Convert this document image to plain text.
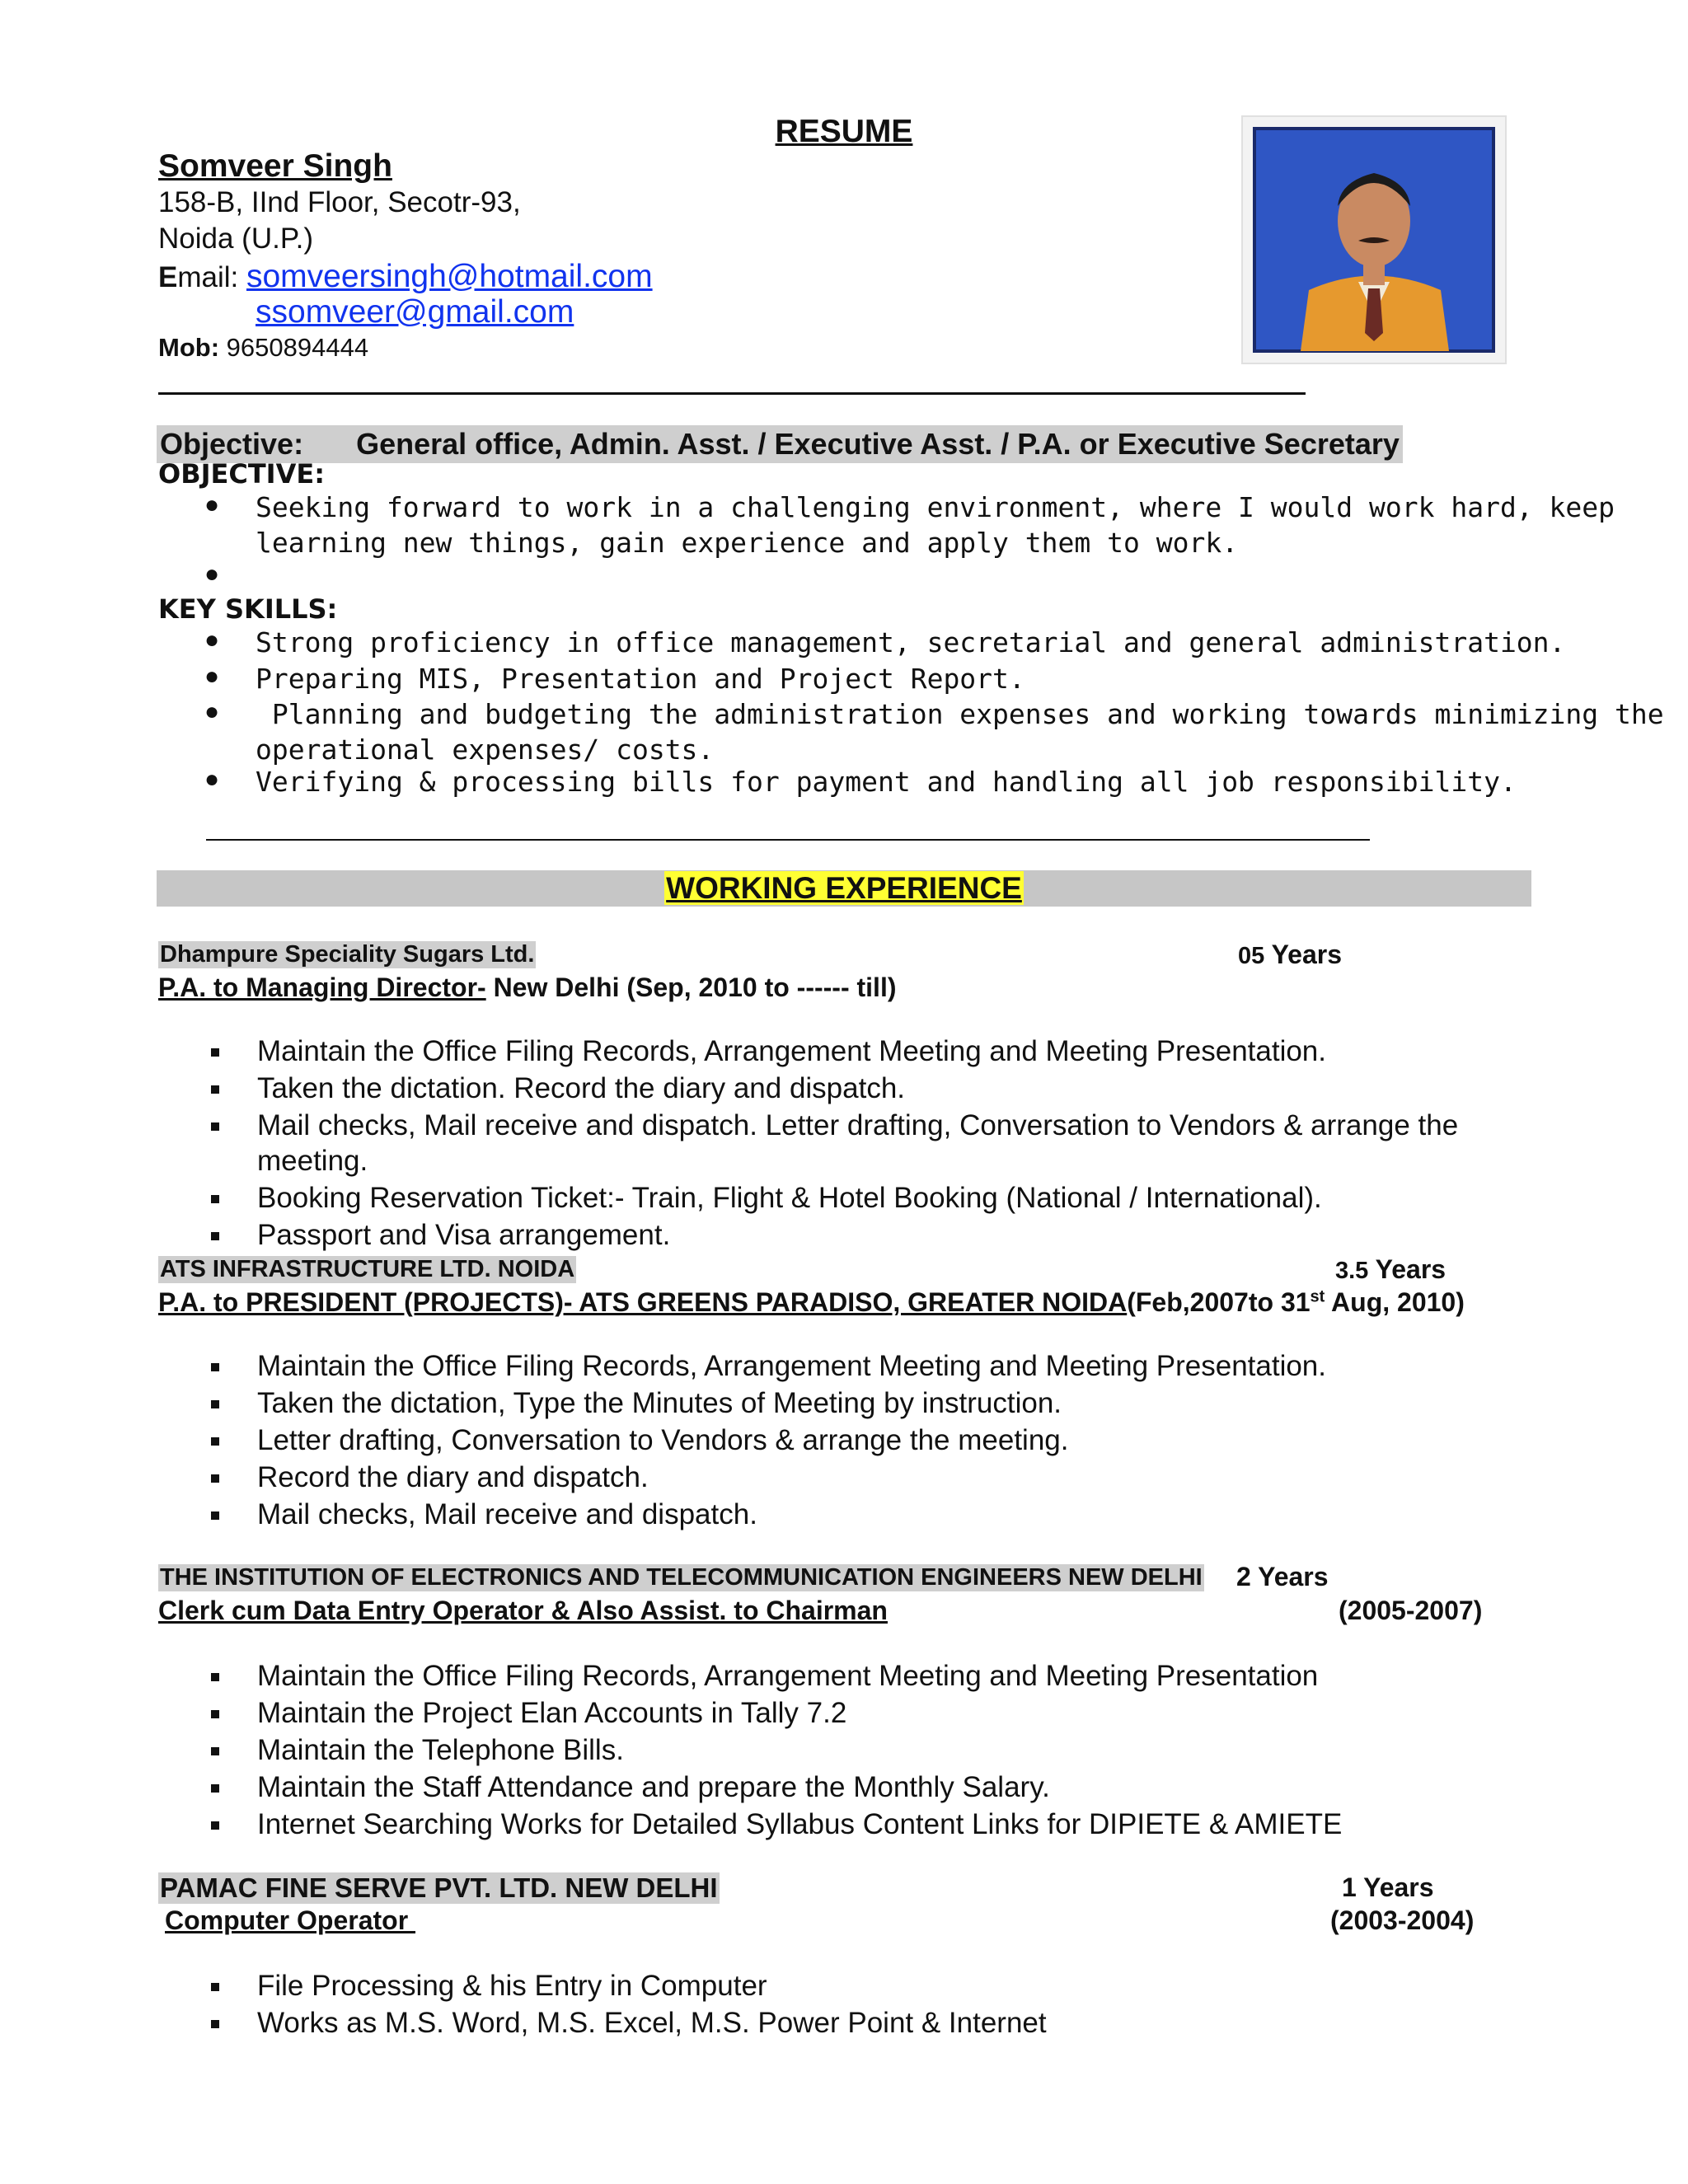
RESUME
Somveer Singh
158-B, IInd Floor, Secotr-93,
Noida (U.P.)
Email: somveersingh@hotmail.com
ssomveer@gmail.com
Mob: 9650894444
Objective: General office, Admin. Asst. / Executive Asst. / P.A. or Executive Secretary
OBJECTIVE:
● Seeking forward to work in a challenging environment, where I would work hard, keep
learning new things, gain experience and apply them to work.
●
KEY SKILLS:
● Strong proficiency in office management, secretarial and general administration.
● Preparing MIS, Presentation and Project Report.
● Planning and budgeting the administration expenses and working towards minimizing the
operational expenses/ costs.
● Verifying & processing bills for payment and handling all job responsibility.
WORKING EXPERIENCE
Dhampure Speciality Sugars Ltd.	05 Years
P.A. to Managing Director- New Delhi (Sep, 2010 to ------ till)
Maintain the Office Filing Records, Arrangement Meeting and Meeting Presentation.
Taken the dictation. Record the diary and dispatch.
Mail checks, Mail receive and dispatch. Letter drafting, Conversation to Vendors & arrange the
meeting.
Booking Reservation Ticket:- Train, Flight & Hotel Booking (National / International).
Passport and Visa arrangement.
ATS INFRASTRUCTURE LTD. NOIDA	3.5 Years
P.A. to PRESIDENT (PROJECTS)- ATS GREENS PARADISO, GREATER NOIDA(Feb,2007to 31st Aug, 2010)
Maintain the Office Filing Records, Arrangement Meeting and Meeting Presentation.
Taken the dictation, Type the Minutes of Meeting by instruction.
Letter drafting, Conversation to Vendors & arrange the meeting.
Record the diary and dispatch.
Mail checks, Mail receive and dispatch.
THE INSTITUTION OF ELECTRONICS AND TELECOMMUNICATION ENGINEERS NEW DELHI 2 Years
Clerk cum Data Entry Operator & Also Assist. to Chairman	(2005-2007)
Maintain the Office Filing Records, Arrangement Meeting and Meeting Presentation
Maintain the Project Elan Accounts in Tally 7.2
Maintain the Telephone Bills.
Maintain the Staff Attendance and prepare the Monthly Salary.
Internet Searching Works for Detailed Syllabus Content Links for DIPIETE & AMIETE
PAMAC FINE SERVE PVT. LTD. NEW DELHI	1 Years
Computer Operator	(2003-2004)
File Processing & his Entry in Computer
Works as M.S. Word, M.S. Excel, M.S. Power Point & Internet
